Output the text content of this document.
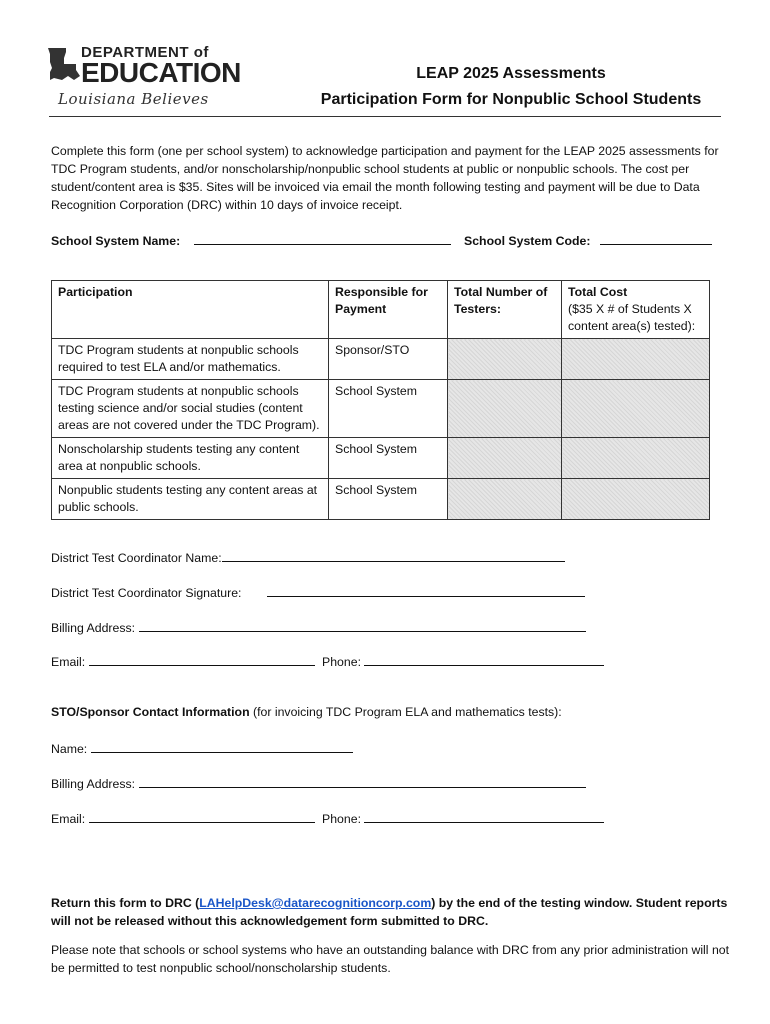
DEPARTMENT of
EDUCATION
Louisiana Believes
LEAP 2025 Assessments
Participation Form for Nonpublic School Students
Complete this form (one per school system) to acknowledge participation and payment for the LEAP 2025 assessments for TDC Program students, and/or nonscholarship/nonpublic school students at public or nonpublic schools. The cost per student/content area is $35. Sites will be invoiced via email the month following testing and payment will be due to Data Recognition Corporation (DRC) within 10 days of invoice receipt.
School System Name:	School System Code:
Participation	Responsible for Payment	Total Number of Testers:	Total Cost
($35 X # of Students X content area(s) tested):

TDC Program students at nonpublic schools required to test ELA and/or mathematics.	Sponsor/STO		
TDC Program students at nonpublic schools testing science and/or social studies (content areas are not covered under the TDC Program).	School System		
Nonscholarship students testing any content area at nonpublic schools.	School System		
Nonpublic students testing any content areas at public schools.	School System		
District Test Coordinator Name:
District Test Coordinator Signature:
Billing Address:
Email:	Phone:
STO/Sponsor Contact Information (for invoicing TDC Program ELA and mathematics tests):
Name:
Billing Address:
Email:	Phone:
Return this form to DRC (LAHelpDesk@datarecognitioncorp.com) by the end of the testing window. Student reports will not be released without this acknowledgement form submitted to DRC.
Please note that schools or school systems who have an outstanding balance with DRC from any prior administration will not be permitted to test nonpublic school/nonscholarship students.
